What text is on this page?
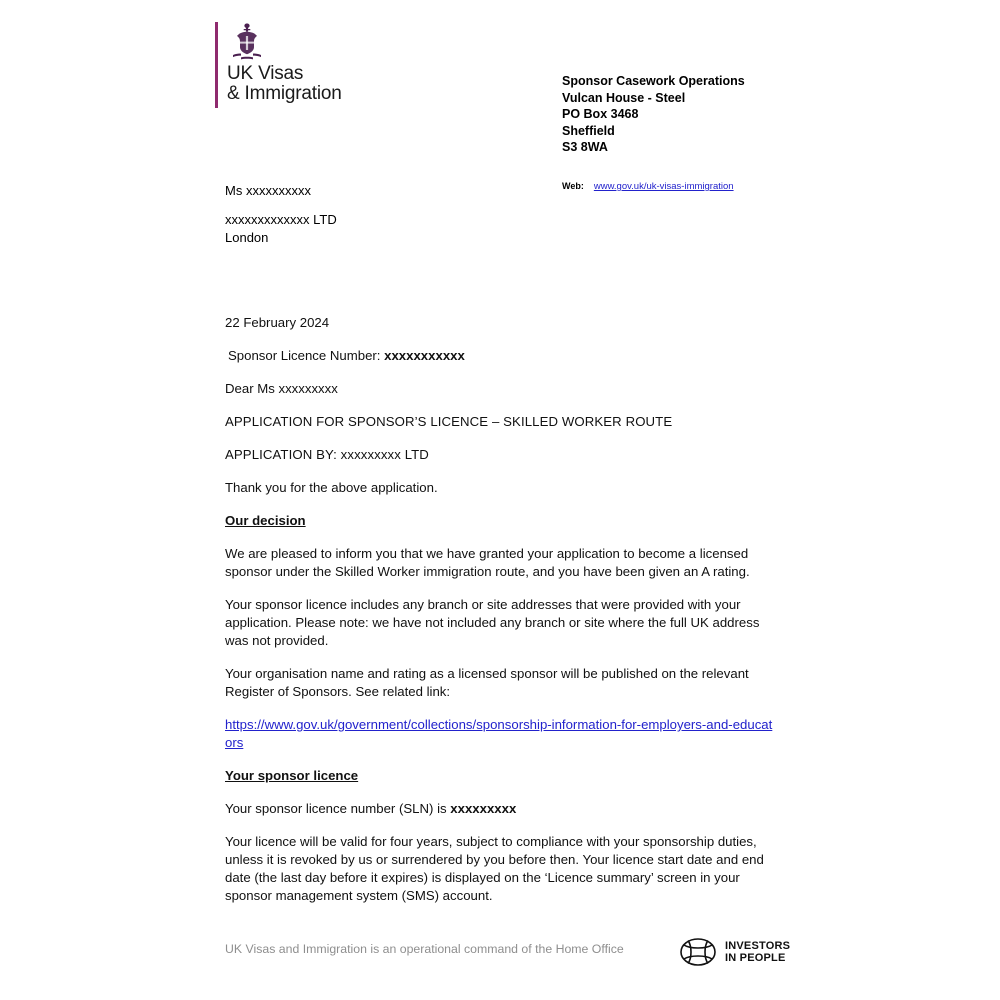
UK Visas
& Immigration
Sponsor Casework Operations
Vulcan House - Steel
PO Box 3468
Sheffield
S3 8WA
Web: www.gov.uk/uk-visas-immigration
Ms xxxxxxxxxx
xxxxxxxxxxxxx LTD
London

22 February 2024

Sponsor Licence Number: xxxxxxxxxxx

Dear Ms xxxxxxxxx

APPLICATION FOR SPONSOR’S LICENCE – SKILLED WORKER ROUTE

APPLICATION BY: xxxxxxxxx LTD

Thank you for the above application.

Our decision

We are pleased to inform you that we have granted your application to become a licensed sponsor under the Skilled Worker immigration route, and you have been given an A rating.

Your sponsor licence includes any branch or site addresses that were provided with your application. Please note: we have not included any branch or site where the full UK address was not provided.

Your organisation name and rating as a licensed sponsor will be published on the relevant Register of Sponsors. See related link:

https://www.gov.uk/government/collections/sponsorship-information-for-employers-and-educators

Your sponsor licence

Your sponsor licence number (SLN) is xxxxxxxxx

Your licence will be valid for four years, subject to compliance with your sponsorship duties, unless it is revoked by us or surrendered by you before then. Your licence start date and end date (the last day before it expires) is displayed on the ‘Licence summary’ screen in your sponsor management system (SMS) account.

UK Visas and Immigration is an operational command of the Home Office	INVESTORS
IN PEOPLE
